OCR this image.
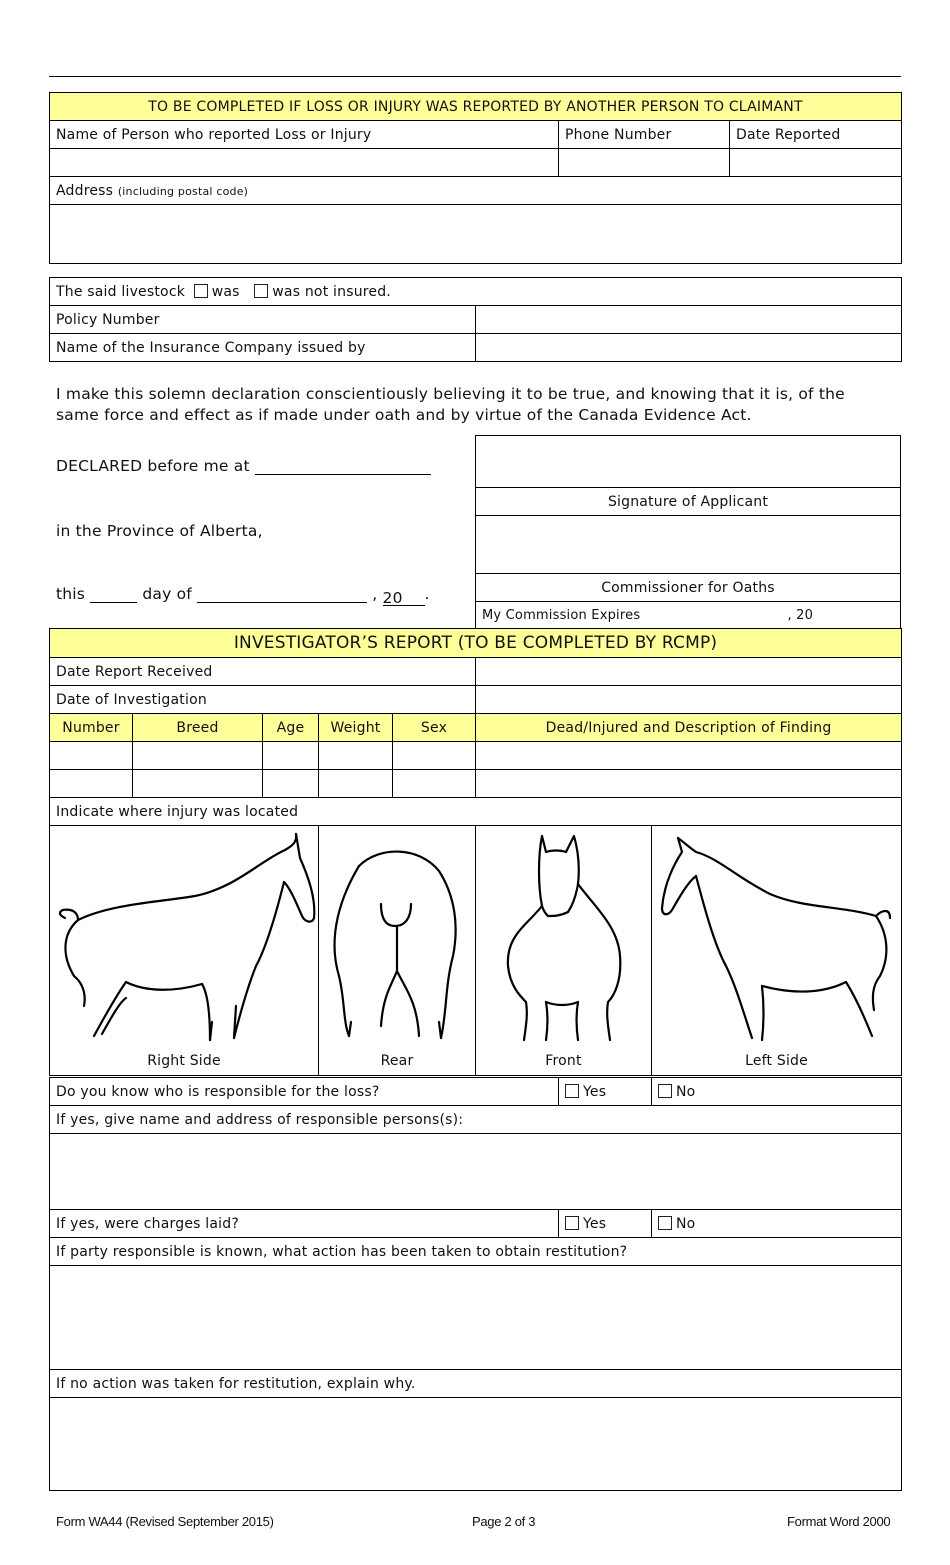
TO BE COMPLETED IF LOSS OR INJURY WAS REPORTED BY ANOTHER PERSON TO CLAIMANT		
Name of Person who reported Loss or Injury	Phone Number	Date Reported

Address (including postal code)		

The said livestock was was not insured.	
Policy Number	
Name of the Insurance Company issued by	
I make this solemn declaration conscientiously believing it to be true, and knowing that it is, of the same force and effect as if made under oath and by virtue of the Canada Evidence Act.
DECLARED before me at
in the Province of Alberta,
this	day of	, 20 .

Signature of Applicant

Commissioner for Oaths
My Commission Expires	, 20
INVESTIGATOR’S REPORT (TO BE COMPLETED BY RCMP)						
Date Report Received						
Date of Investigation						
Number	Breed	Age	Weight	Sex	Dead/Injured and Description of Finding	

Indicate where injury was located						

Right Side			Rear		Front	Left Side
Do you know who is responsible for the loss?	Yes	No
If yes, give name and address of responsible persons(s):		

If yes, were charges laid?	Yes	No
If party responsible is known, what action has been taken to obtain restitution?		

If no action was taken for restitution, explain why.		

Form WA44 (Revised September 2015)	Page 2 of 3	Format Word 2000
